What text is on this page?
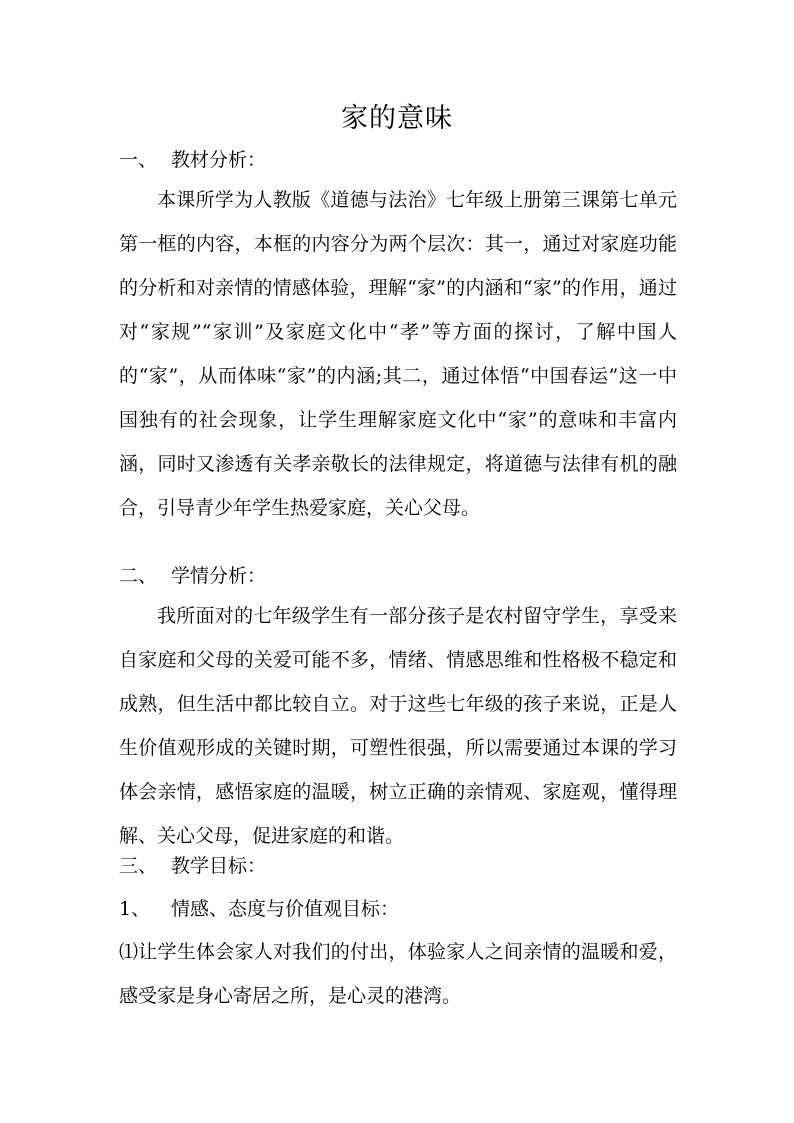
家的意味
一、 教材分析：
本课所学为人教版《道德与法治》七年级上册第三课第七单元第一框的内容，本框的内容分为两个层次：其一，通过对家庭功能的分析和对亲情的情感体验，理解“家”的内涵和“家”的作用，通过对“家规”“家训”及家庭文化中“孝”等方面的探讨，了解中国人的“家”，从而体味“家”的内涵;其二，通过体悟“中国春运”这一中国独有的社会现象，让学生理解家庭文化中“家”的意味和丰富内涵，同时又渗透有关孝亲敬长的法律规定，将道德与法律有机的融合，引导青少年学生热爱家庭，关心父母。
二、 学情分析：
我所面对的七年级学生有一部分孩子是农村留守学生，享受来自家庭和父母的关爱可能不多，情绪、情感思维和性格极不稳定和成熟，但生活中都比较自立。对于这些七年级的孩子来说，正是人生价值观形成的关键时期，可塑性很强，所以需要通过本课的学习体会亲情，感悟家庭的温暖，树立正确的亲情观、家庭观，懂得理解、关心父母，促进家庭的和谐。
三、 教学目标：
1、 情感、态度与价值观目标：
⑴让学生体会家人对我们的付出，体验家人之间亲情的温暖和爱，感受家是身心寄居之所，是心灵的港湾。
